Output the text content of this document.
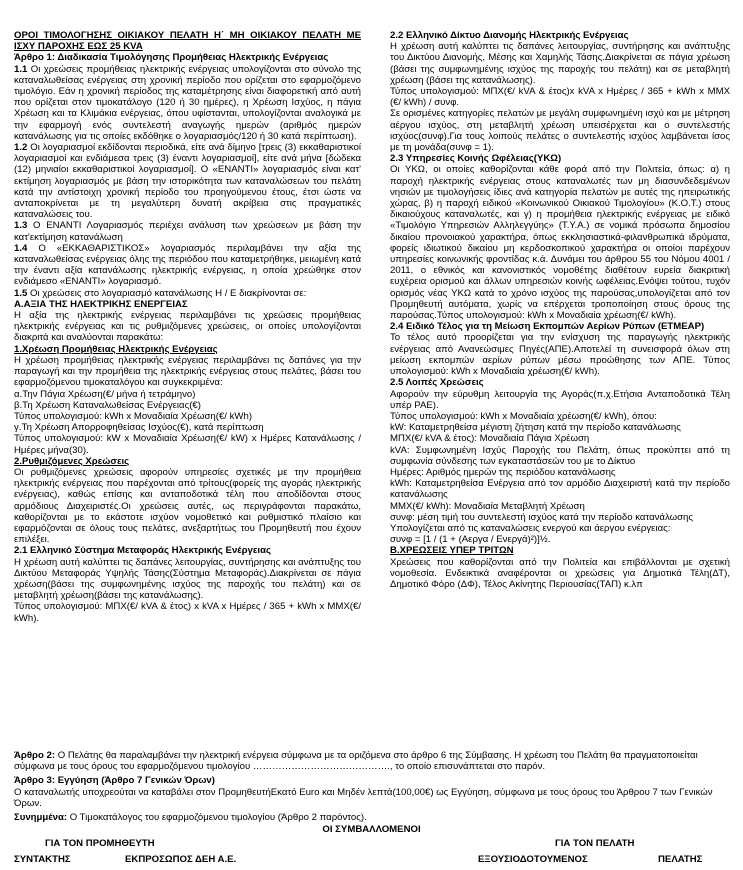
ΟΡΟΙ ΤΙΜΟΛΟΓΗΣΗΣ ΟΙΚΙΑΚΟΥ ΠΕΛΑΤΗ Η΄ ΜΗ ΟΙΚΙΑΚΟΥ ΠΕΛΑΤΗ ΜΕ ΙΣΧΥ ΠΑΡΟΧΗΣ ΕΩΣ 25 KVA

Άρθρο 1: Διαδικασία Τιμολόγησης Προμήθειας Ηλεκτρικής Ενέργειας

1.1 Οι χρεώσεις προμήθειας ηλεκτρικής ενέργειας υπολογίζονται στο σύνολο της καταναλωθείσας ενέργειας στη χρονική περίοδο που ορίζεται στο εφαρμοζόμενο τιμολόγιο. Εάν η χρονική περίοδος της καταμέτρησης είναι διαφορετική από αυτή που ορίζεται στον τιμοκατάλογο (120 ή 30 ημέρες), η Χρέωση Ισχύος, η πάγια Χρέωση και τα Κλιμάκια ενέργειας, όπου υφίστανται, υπολογίζονται αναλογικά με την εφαρμογή ενός συντελεστή αναγωγής ημερών (αριθμός ημερών κατανάλωσης για τις οποίες εκδόθηκε ο λογαριασμός/120 ή 30 κατά περίπτωση).

1.2 Οι λογαριασμοί εκδίδονται περιοδικά, είτε ανά δίμηνο [τρεις (3) εκκαθαριστικοί λογαριασμοί και ενδιάμεσα τρεις (3) έναντι λογαριασμοί], είτε ανά μήνα [δώδεκα (12) μηνιαίοι εκκαθαριστικοί λογαριασμοί]. Ο «ΕΝΑΝΤΙ» λογαριασμός είναι κατ' εκτίμηση λογαριασμός με βάση την ιστορικότητα των καταναλώσεων του πελάτη κατά την αντίστοιχη χρονική περίοδο του προηγούμενου έτους, έτσι ώστε να ανταποκρίνεται με τη μεγαλύτερη δυνατή ακρίβεια στις πραγματικές καταναλώσεις του.

1.3 Ο ΕΝΑΝΤΙ Λογαριασμός περιέχει ανάλυση των χρεώσεων με βάση την κατ'εκτίμηση κατανάλωση

1.4 Ο «ΕΚΚΑΘΑΡΙΣΤΙΚΟΣ» λογαριασμός περιλαμβάνει την αξία της καταναλωθείσας ενέργειας όλης της περιόδου που καταμετρήθηκε, μειωμένη κατά την έναντι αξία κατανάλωσης ηλεκτρικής ενέργειας, η οποία χρεώθηκε στον ενδιάμεσο «ΕΝΑΝΤΙ» λογαριασμό.

1.5 Οι χρεώσεις στο λογαριασμό κατανάλωσης Η / Ε διακρίνονται σε:

Α.ΑΞΙΑ ΤΗΣ ΗΛΕΚΤΡΙΚΗΣ ΕΝΕΡΓΕΙΑΣ

Η αξία της ηλεκτρικής ενέργειας περιλαμβάνει τις χρεώσεις προμήθειας ηλεκτρικής ενέργειας και τις ρυθμιζόμενες χρεώσεις, οι οποίες υπολογίζονται διακριτά και αναλύονται παρακάτω:

1.Χρέωση Προμήθειας Ηλεκτρικής Ενέργειας

Η χρέωση προμήθειας ηλεκτρικής ενέργειας περιλαμβάνει τις δαπάνες για την παραγωγή και την προμήθεια της ηλεκτρικής ενέργειας στους πελάτες, βάσει του εφαρμοζόμενου τιμοκαταλόγου και συγκεκριμένα:

α.Την Πάγια Χρέωση(€/ μήνα ή τετράμηνο)

β.Τη Χρέωση Καταναλωθείσας Ενέργειας(€)

Τύπος υπολογισμού: kWh x Μοναδιαία Χρέωση(€/ kWh)

γ.Τη Χρέωση Απορροφηθείσας Ισχύος(€), κατά περίπτωση

Τύπος υπολογισμού: kW x Μοναδιαία Χρέωση(€/ kW) x Ημέρες Κατανάλωσης / Ημέρες μήνα(30).

2.Ρυθμιζόμενες Χρεώσεις

Οι ρυθμιζόμενες χρεώσεις αφορούν υπηρεσίες σχετικές με την προμήθεια ηλεκτρικής ενέργειας που παρέχονται από τρίτους(φορείς της αγοράς ηλεκτρικής ενέργειας), καθώς επίσης και ανταποδοτικά τέλη που αποδίδονται στους αρμόδιους Διαχειριστές.Οι χρεώσεις αυτές, ως περιγράφονται παρακάτω, καθορίζονται με το εκάστοτε ισχύον νομοθετικό και ρυθμιστικό πλαίσιο και εφαρμόζονται σε όλους τους πελάτες, ανεξαρτήτως του Προμηθευτή που έχουν επιλέξει.

2.1 Ελληνικό Σύστημα Μεταφοράς Ηλεκτρικής Ενέργειας

Η χρέωση αυτή καλύπτει τις δαπάνες λειτουργίας, συντήρησης και ανάπτυξης του Δικτύου Μεταφοράς Υψηλής Τάσης(Σύστημα Μεταφοράς).Διακρίνεται σε πάγια χρέωση(βάσει της συμφωνημένης ισχύος της παροχής του πελάτη) και σε μεταβλητή χρέωση(βάσει της κατανάλωσης).

Τύπος υπολογισμού: ΜΠΧ(€/ kVA & έτος) x kVA x Ημέρες / 365 + kWh x ΜΜΧ(€/ kWh).

2.2 Ελληνικό Δίκτυο Διανομής Ηλεκτρικής Ενέργειας

Η χρέωση αυτή καλύπτει τις δαπάνες λειτουργίας, συντήρησης και ανάπτυξης του Δικτύου Διανομής, Μέσης και Χαμηλής Τάσης.Διακρίνεται σε πάγια χρέωση (βάσει της συμφωνημένης ισχύος της παροχής του πελάτη) και σε μεταβλητή χρέωση (βάσει της κατανάλωσης).

Τύπος υπολογισμού: ΜΠΧ(€/ kVA & έτος)x kVA x Ημέρες / 365 + kWh x ΜΜΧ (€/ kWh) / συνφ.

Σε ορισμένες κατηγορίες πελατών με μεγάλη συμφωνημένη ισχύ και με μέτρηση αέργου ισχύος, στη μεταβλητή χρέωση υπεισέρχεται και ο συντελεστής ισχύος(συνφ).Για τους λοιπούς πελάτες ο συντελεστής ισχύος λαμβάνεται ίσος με τη μονάδα(συνφ = 1).

2.3 Υπηρεσίες Κοινής Ωφέλειας(ΥΚΩ)

Οι ΥΚΩ, οι οποίες καθορίζονται κάθε φορά από την Πολιτεία, όπως: α) η παροχή ηλεκτρικής ενέργειας στους καταναλωτές των μη διασυνδεδεμένων νησιών με τιμολογήσεις ίδιες ανά κατηγορία πελατών με αυτές της ηπειρωτικής χώρας, β) η παροχή ειδικού «Κοινωνικού Οικιακού Τιμολογίου» (Κ.Ο.Τ.) στους δικαιούχους καταναλωτές, και γ) η προμήθεια ηλεκτρικής ενέργειας με ειδικό «Τιμολόγιο Υπηρεσιών Αλληλεγγύης» (Τ.Υ.Α.) σε νομικά πρόσωπα δημοσίου δικαίου προνοιακού χαρακτήρα, όπως εκκλησιαστικά-φιλανθρωπικά ιδρύματα, φορείς ιδιωτικού δικαίου μη κερδοσκοπικού χαρακτήρα οι οποίοι παρέχουν υπηρεσίες κοινωνικής φροντίδας κ.ά. Δυνάμει του άρθρου 55 του Νόμου 4001 / 2011, ο εθνικός και κανονιστικός νομοθέτης διαθέτουν ευρεία διακριτική ευχέρεια ορισμού και άλλων υπηρεσιών κοινής ωφέλειας.Ενόψει τούτου, τυχόν ορισμός νέας ΥΚΩ κατά το χρόνο ισχύος της παρούσας,υπολογίζεται από τον Προμηθευτή αυτόματα, χωρίς να επέρχεται τροποποίηση στους όρους της παρούσας.Τύπος υπολογισμού: kWh x Μοναδιαία χρέωση(€/ kWh).

2.4 Ειδικό Τέλος για τη Μείωση Εκπομπών Αερίων Ρύπων (ΕΤΜΕΑΡ)

Το τέλος αυτό προορίζεται για την ενίσχυση της παραγωγής ηλεκτρικής ενέργειας από Ανανεώσιμες Πηγές(ΑΠΕ).Αποτελεί τη συνεισφορά όλων στη μείωση εκπομπών αερίων ρύπων μέσω προώθησης των ΑΠΕ. Τύπος υπολογισμού: kWh x Μοναδιαία χρέωση(€/ kWh).

2.5 Λοιπές Χρεώσεις

Αφορούν την εύρυθμη λειτουργία της Αγοράς(π.χ.Ετήσια Ανταποδοτικά Τέλη υπέρ ΡΑΕ).

Τύπος υπολογισμού: kWh x Μοναδιαία χρέωση(€/ kWh), όπου:

kW: Καταμετρηθείσα μέγιστη ζήτηση κατά την περίοδο κατανάλωσης

ΜΠΧ(€/ kVA & έτος): Μοναδιαία Πάγια Χρέωση

kVA: Συμφωνημένη Ισχύς Παροχής του Πελάτη, όπως προκύπτει από τη συμφωνία σύνδεσης των εγκαταστάσεών του με το Δίκτυο

Ημέρες: Αριθμός ημερών της περιόδου κατανάλωσης

kWh: Καταμετρηθείσα Ενέργεια από τον αρμόδιο Διαχειριστή κατά την περίοδο κατανάλωσης

ΜΜΧ(€/ kWh): Μοναδιαία Μεταβλητή Χρέωση

συνφ: μέση τιμή του συντελεστή ισχύος κατά την περίοδο κατανάλωσης

Υπολογίζεται από τις καταναλώσεις ενεργού και άεργου ενέργειας:

συνφ = [1 / (1 + (Αεργα / Ενεργά)²)]½.

Β.ΧΡΕΩΣΕΙΣ ΥΠΕΡ ΤΡΙΤΩΝ

Χρεώσεις που καθορίζονται από την Πολιτεία και επιβάλλονται με σχετική νομοθεσία. Ενδεικτικά αναφέρονται οι χρεώσεις για Δημοτικά Τέλη(ΔΤ), Δημοτικό Φόρο (ΔΦ), Τέλος Ακίνητης Περιουσίας(ΤΑΠ) κ.λπ

Άρθρο 2: Ο Πελάτης θα παραλαμβάνει την ηλεκτρική ενέργεια σύμφωνα με τα οριζόμενα στο άρθρο 6 της Σύμβασης. Η χρέωση του Πελάτη θα πραγματοποιείται σύμφωνα με τους όρους του εφαρμοζόμενου τιμολογίου ……………………………………., το οποίο επισυνάπτεται στο παρόν.
Άρθρο 3: Εγγύηση (Άρθρο 7 Γενικών Όρων)
Ο καταναλωτής υποχρεούται να καταβάλει στον ΠρομηθευτήΕκατό Euro και Μηδέν λεπτά(100,00€) ως Εγγύηση, σύμφωνα με τους όρους του Άρθρου 7 των Γενικών Όρων.
Συνημμένα: Ο Τιμοκατάλογος του εφαρμοζόμενου τιμολογίου (Άρθρο 2 παρόντος).
ΟΙ ΣΥΜΒΑΛΛΟΜΕΝΟΙ
ΓΙΑ ΤΟΝ ΠΡΟΜΗΘΕΥΤΗ	ΓΙΑ ΤΟΝ ΠΕΛΑΤΗ
ΣΥΝΤΑΚΤΗΣ	ΕΚΠΡΟΣΩΠΟΣ ΔΕΗ Α.Ε.	ΕΞΟΥΣΙΟΔΟΤΟΥΜΕΝΟΣ	ΠΕΛΑΤΗΣ
